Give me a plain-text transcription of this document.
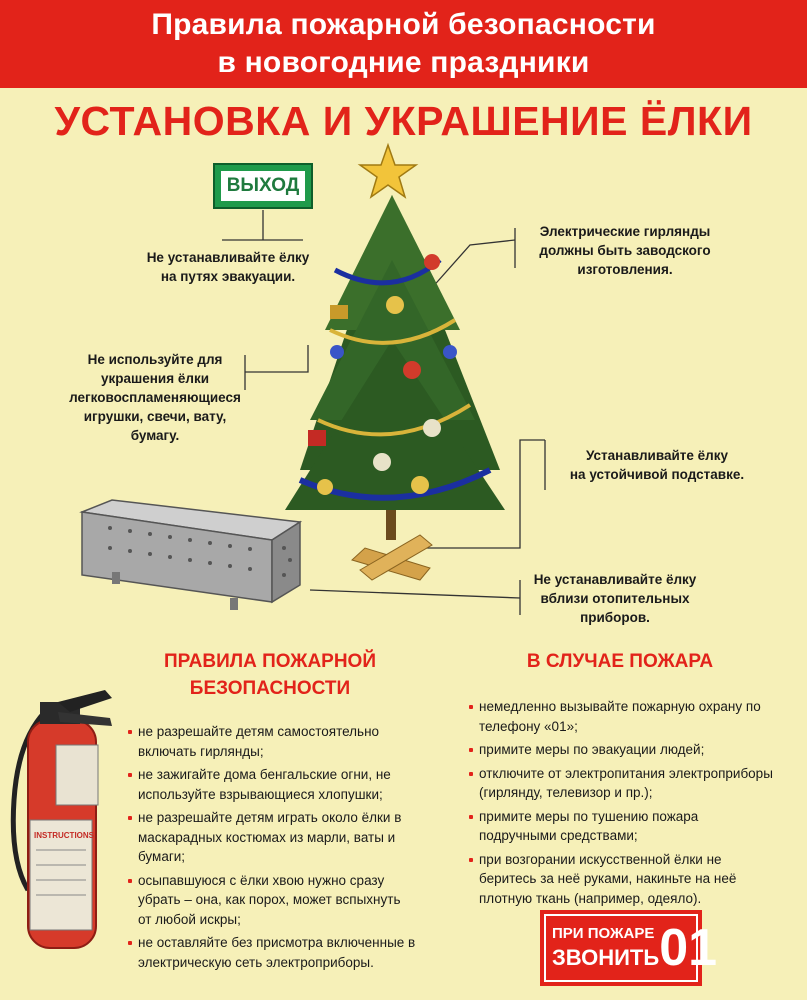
Правила пожарной безопасности
в новогодние праздники
УСТАНОВКА И УКРАШЕНИЕ ЁЛКИ
INSTRUCTIONS
ВЫХОД
Не устанавливайте ёлку
на путях эвакуации.
Не используйте для
украшения ёлки
легковоспламеняющиеся
игрушки, свечи, вату,
бумагу.
Электрические гирлянды
должны быть заводского
изготовления.
Устанавливайте ёлку
на устойчивой подставке.
Не устанавливайте ёлку
вблизи отопительных
приборов.
ПРАВИЛА ПОЖАРНОЙ
БЕЗОПАСНОСТИ
не разрешайте детям самостоятельно включать гирлянды;
не зажигайте дома бенгальские огни, не используйте взрывающиеся хлопушки;
не разрешайте детям играть около ёлки в маскарадных костюмах из марли, ваты и бумаги;
осыпавшуюся с ёлки хвою нужно сразу убрать – она, как порох, может вспыхнуть от любой искры;
не оставляйте без присмотра включенные в электрическую сеть электроприборы.
В СЛУЧАЕ ПОЖАРА
немедленно вызывайте пожарную охрану по телефону «01»;
примите меры по эвакуации людей;
отключите от электропитания электроприборы (гирлянду, телевизор и пр.);
примите меры по тушению пожара подручными средствами;
при возгорании искусственной ёлки не беритесь за неё руками, накиньте на неё плотную ткань (например, одеяло).
ПРИ ПОЖАРЕ
ЗВОНИТЬ 01
